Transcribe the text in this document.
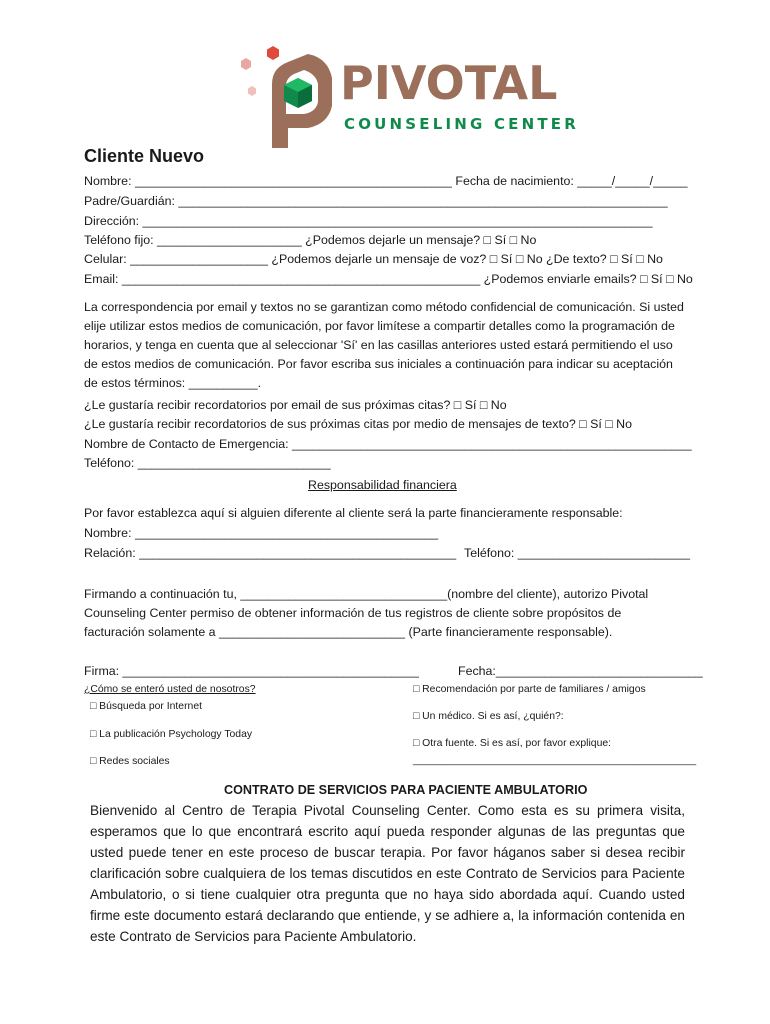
PIVOTAL
COUNSELING CENTER
Cliente Nuevo
Nombre: ______________________________________________ Fecha de nacimiento: _____/_____/_____
Padre/Guardián: _______________________________________________________________________
Dirección: __________________________________________________________________________
Teléfono fijo: _____________________ ¿Podemos dejarle un mensaje? □ Sí □ No
Celular: ____________________ ¿Podemos dejarle un mensaje de voz? □ Sí □ No ¿De texto? □ Sí □ No
Email: ____________________________________________________ ¿Podemos enviarle emails? □ Sí □ No
La correspondencia por email y textos no se garantizan como método confidencial de comunicación. Si usted elije utilizar estos medios de comunicación, por favor limítese a compartir detalles como la programación de horarios, y tenga en cuenta que al seleccionar 'Sí' en las casillas anteriores usted estará permitiendo el uso de estos medios de comunicación. Por favor escriba sus iniciales a continuación para indicar su aceptación de estos términos: __________.
¿Le gustaría recibir recordatorios por email de sus próximas citas? □ Sí □ No
¿Le gustaría recibir recordatorios de sus próximas citas por medio de mensajes de texto? □ Sí □ No
Nombre de Contacto de Emergencia: __________________________________________________________
Teléfono: ____________________________
Responsabilidad financiera
Por favor establezca aquí si alguien diferente al cliente será la parte financieramente responsable:
Nombre: ____________________________________________
Relación: ______________________________________________ Teléfono: _________________________
Firmando a continuación tu, ______________________________(nombre del cliente), autorizo Pivotal Counseling Center permiso de obtener información de tus registros de cliente sobre propósitos de facturación solamente a ___________________________ (Parte financieramente responsable).
Firma: ___________________________________________	Fecha:______________________________
¿Cómo se enteró usted de nosotros?
□ Búsqueda por Internet
□ La publicación Psychology Today
□ Redes sociales
□ Recomendación por parte de familiares / amigos
□ Un médico. Si es así, ¿quién?:
□ Otra fuente. Si es así, por favor explique:
_________________________________________________
CONTRATO DE SERVICIOS PARA PACIENTE AMBULATORIO
Bienvenido al Centro de Terapia Pivotal Counseling Center. Como esta es su primera visita, esperamos que lo que encontrará escrito aquí pueda responder algunas de las preguntas que usted puede tener en este proceso de buscar terapia. Por favor háganos saber si desea recibir clarificación sobre cualquiera de los temas discutidos en este Contrato de Servicios para Paciente Ambulatorio, o si tiene cualquier otra pregunta que no haya sido abordada aquí. Cuando usted firme este documento estará declarando que entiende, y se adhiere a, la información contenida en este Contrato de Servicios para Paciente Ambulatorio.
